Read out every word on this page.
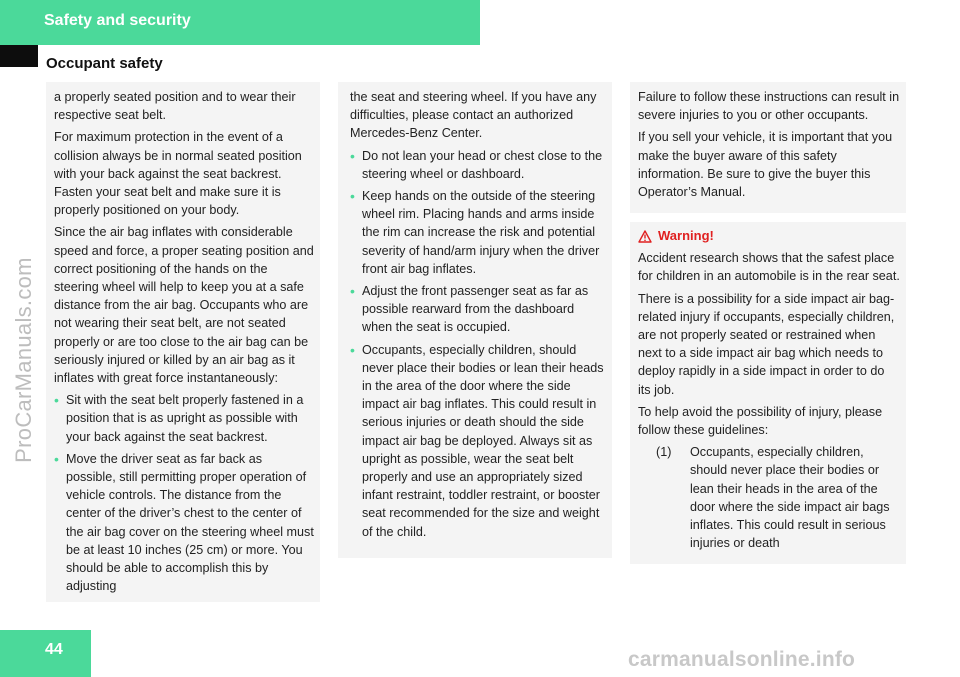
Safety and security
Occupant safety
ProCarManuals.com

a properly seated position and to wear their respective seat belt.

For maximum protection in the event of a collision always be in normal seated position with your back against the seat backrest. Fasten your seat belt and make sure it is properly positioned on your body.

Since the air bag inflates with considerable speed and force, a proper seating position and correct positioning of the hands on the steering wheel will help to keep you at a safe distance from the air bag. Occupants who are not wearing their seat belt, are not seated properly or are too close to the air bag can be seriously injured or killed by an air bag as it inflates with great force instantaneously:

• Sit with the seat belt properly fastened in a position that is as upright as possible with your back against the seat backrest.
• Move the driver seat as far back as possible, still permitting proper operation of vehicle controls. The distance from the center of the driver’s chest to the center of the air bag cover on the steering wheel must be at least 10 inches (25 cm) or more. You should be able to accomplish this by adjusting

the seat and steering wheel. If you have any difficulties, please contact an authorized Mercedes-Benz Center.

• Do not lean your head or chest close to the steering wheel or dashboard.
• Keep hands on the outside of the steering wheel rim. Placing hands and arms inside the rim can increase the risk and potential severity of hand/arm injury when the driver front air bag inflates.
• Adjust the front passenger seat as far as possible rearward from the dashboard when the seat is occupied.
• Occupants, especially children, should never place their bodies or lean their heads in the area of the door where the side impact air bag inflates. This could result in serious injuries or death should the side impact air bag be deployed. Always sit as upright as possible, wear the seat belt properly and use an appropriately sized infant restraint, toddler restraint, or booster seat recommended for the size and weight of the child.

Failure to follow these instructions can result in severe injuries to you or other occupants.

If you sell your vehicle, it is important that you make the buyer aware of this safety information. Be sure to give the buyer this Operator’s Manual.

Warning!

Accident research shows that the safest place for children in an automobile is in the rear seat.

There is a possibility for a side impact air bag-related injury if occupants, especially children, are not properly seated or restrained when next to a side impact air bag which needs to deploy rapidly in a side impact in order to do its job.

To help avoid the possibility of injury, please follow these guidelines:

(1)	Occupants, especially children, should never place their bodies or lean their heads in the area of the door where the side impact air bags inflates. This could result in serious injuries or death
44	carmanualsonline.info
